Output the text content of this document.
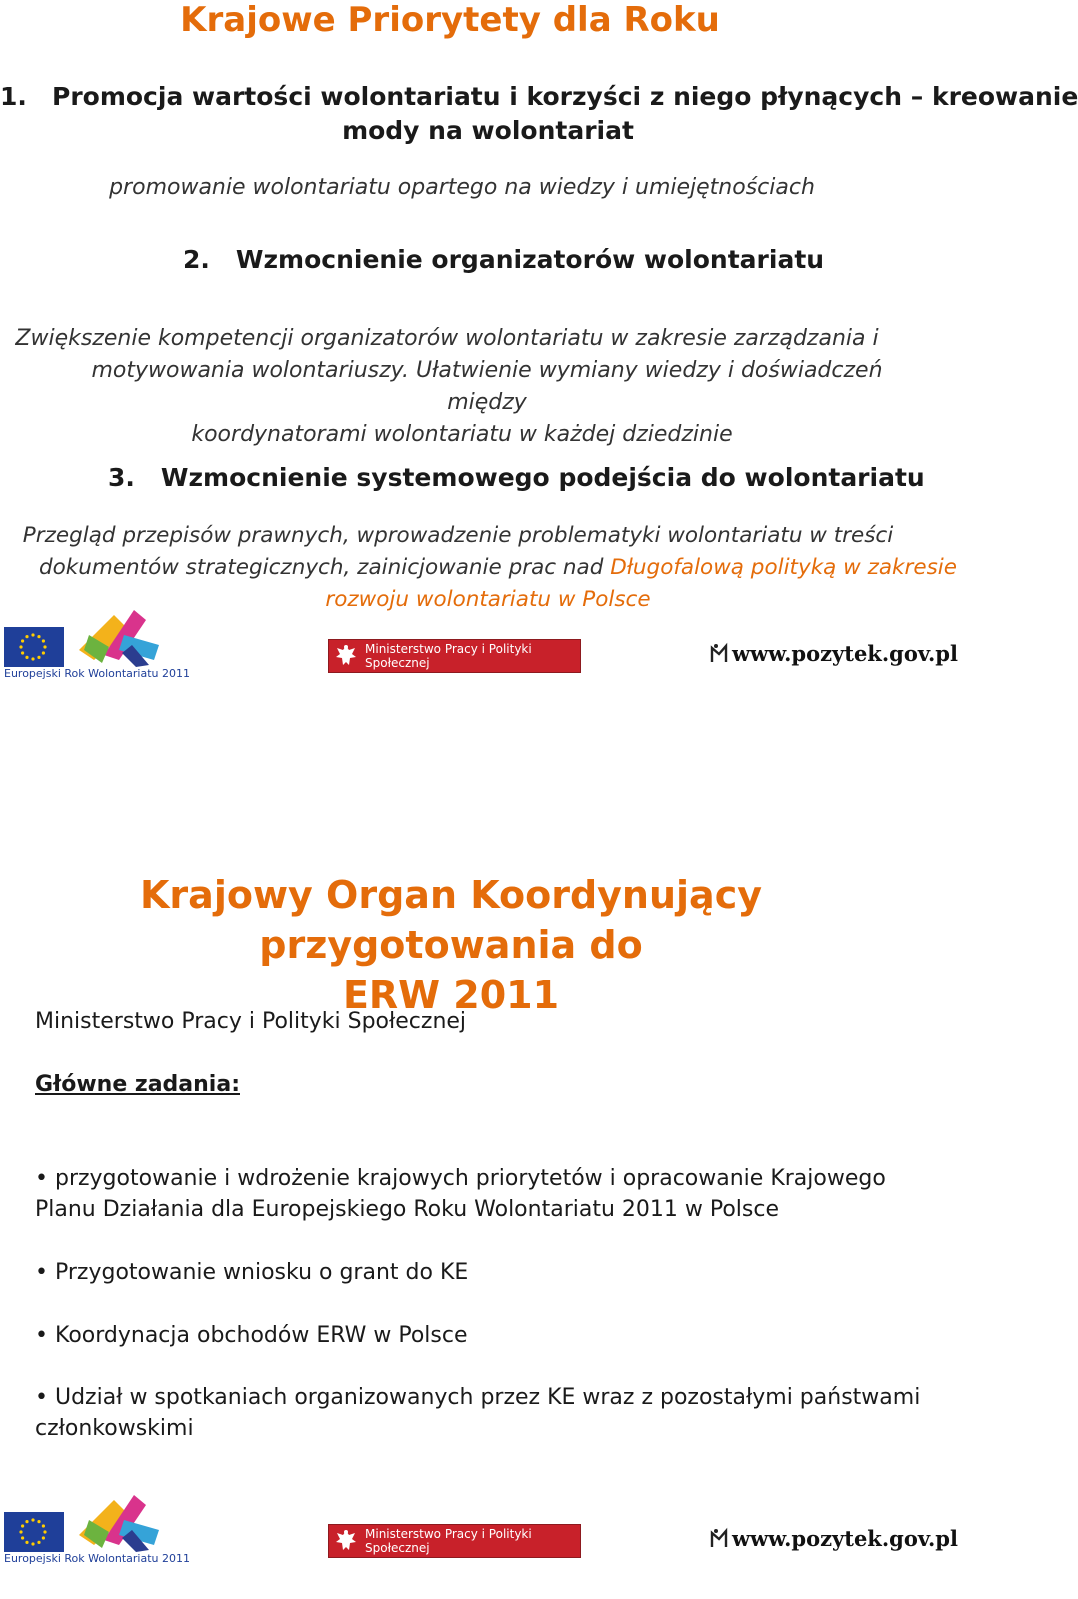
Krajowe Priorytety dla Roku
1. Promocja wartości wolontariatu i korzyści z niego płynących – kreowanie
mody na wolontariat
promowanie wolontariatu opartego na wiedzy i umiejętnościach
2. Wzmocnienie organizatorów wolontariatu
Zwiększenie kompetencji organizatorów wolontariatu w zakresie zarządzania i
motywowania wolontariuszy. Ułatwienie wymiany wiedzy i doświadczeń między
koordynatorami wolontariatu w każdej dziedzinie
3. Wzmocnienie systemowego podejścia do wolontariatu
Przegląd przepisów prawnych, wprowadzenie problematyki wolontariatu w treści
dokumentów strategicznych, zainicjowanie prac nad Długofalową polityką w zakresie
rozwoju wolontariatu w Polsce
Europejski Rok Wolontariatu 2011
Ministerstwo Pracy i Polityki Społecznej	www.pozytek.gov.pl
Krajowy Organ Koordynujący przygotowania do
ERW 2011
Ministerstwo Pracy i Polityki Społecznej
Główne zadania:
• przygotowanie i wdrożenie krajowych priorytetów i opracowanie Krajowego
Planu Działania dla Europejskiego Roku Wolontariatu 2011 w Polsce
• Przygotowanie wniosku o grant do KE
• Koordynacja obchodów ERW w Polsce
• Udział w spotkaniach organizowanych przez KE wraz z pozostałymi państwami
członkowskimi
Europejski Rok Wolontariatu 2011
Ministerstwo Pracy i Polityki Społecznej	www.pozytek.gov.pl
